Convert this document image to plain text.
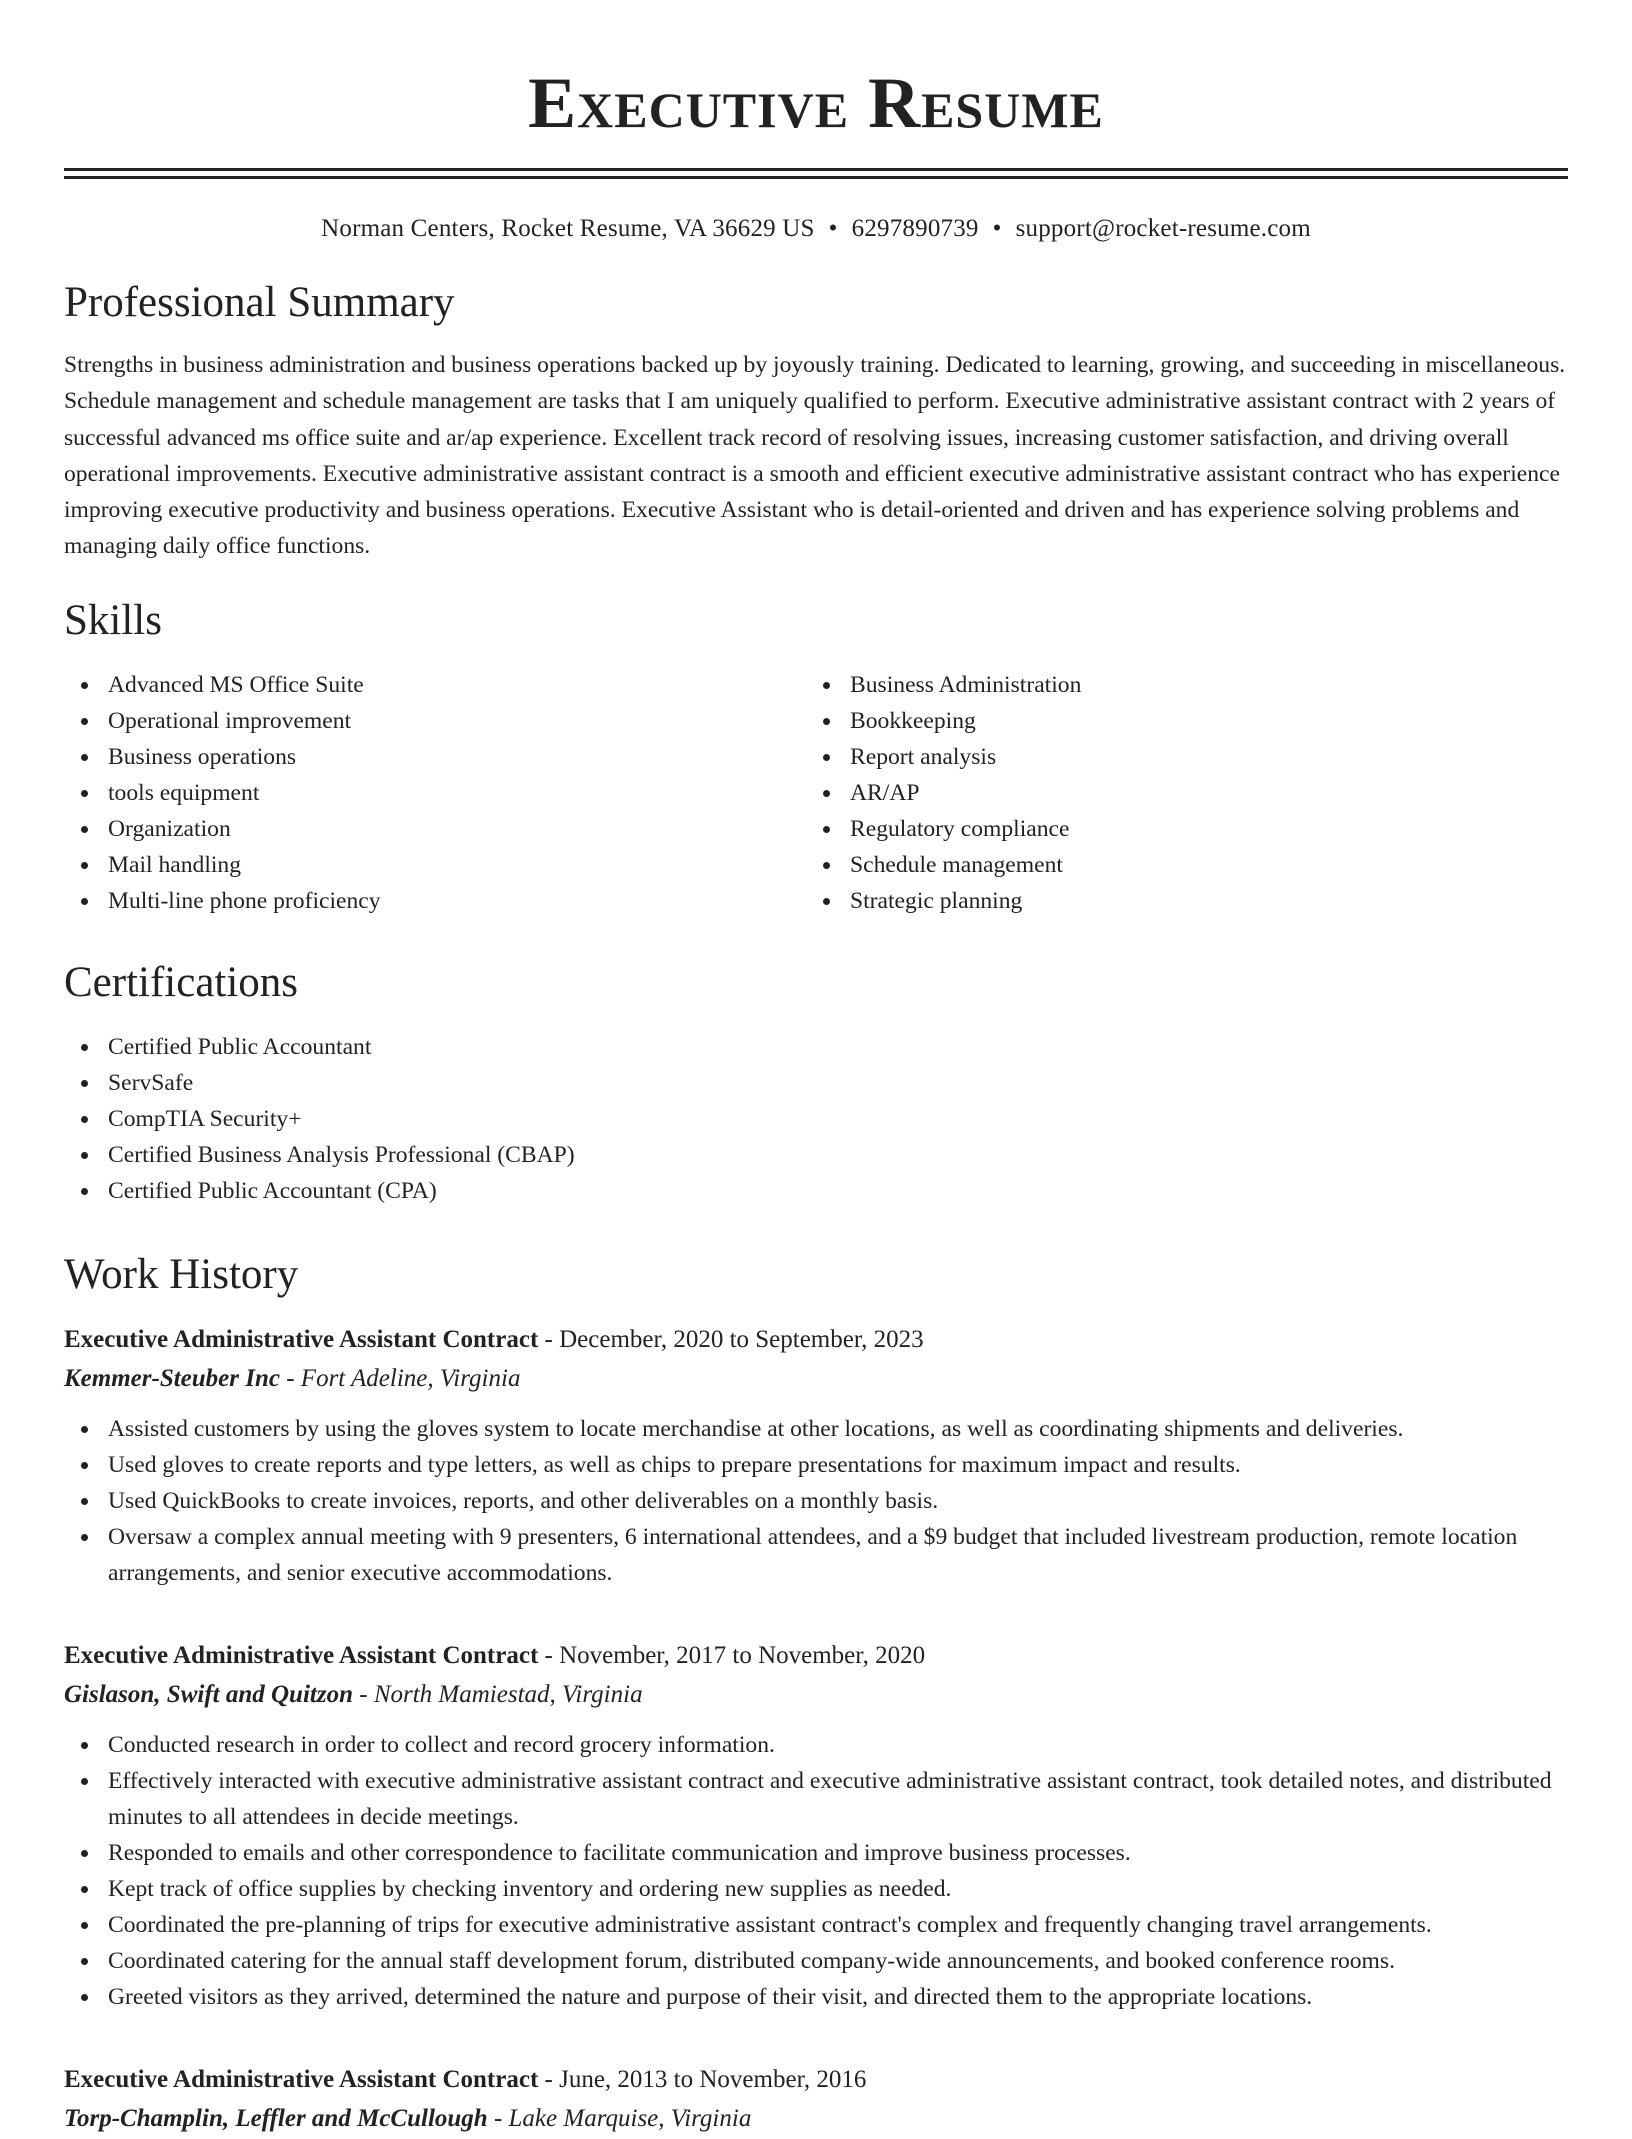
Executive Resume
Norman Centers, Rocket Resume, VA 36629 US • 6297890739 • support@rocket-resume.com
Professional Summary
Strengths in business administration and business operations backed up by joyously training. Dedicated to learning, growing, and succeeding in miscellaneous. Schedule management and schedule management are tasks that I am uniquely qualified to perform. Executive administrative assistant contract with 2 years of successful advanced ms office suite and ar/ap experience. Excellent track record of resolving issues, increasing customer satisfaction, and driving overall operational improvements. Executive administrative assistant contract is a smooth and efficient executive administrative assistant contract who has experience improving executive productivity and business operations. Executive Assistant who is detail-oriented and driven and has experience solving problems and managing daily office functions.
Skills
Advanced MS Office Suite
Operational improvement
Business operations
tools equipment
Organization
Mail handling
Multi-line phone proficiency
Business Administration
Bookkeeping
Report analysis
AR/AP
Regulatory compliance
Schedule management
Strategic planning
Certifications
Certified Public Accountant
ServSafe
CompTIA Security+
Certified Business Analysis Professional (CBAP)
Certified Public Accountant (CPA)
Work History
Executive Administrative Assistant Contract - December, 2020 to September, 2023
Kemmer-Steuber Inc - Fort Adeline, Virginia
Assisted customers by using the gloves system to locate merchandise at other locations, as well as coordinating shipments and deliveries.
Used gloves to create reports and type letters, as well as chips to prepare presentations for maximum impact and results.
Used QuickBooks to create invoices, reports, and other deliverables on a monthly basis.
Oversaw a complex annual meeting with 9 presenters, 6 international attendees, and a $9 budget that included livestream production, remote location arrangements, and senior executive accommodations.
Executive Administrative Assistant Contract - November, 2017 to November, 2020
Gislason, Swift and Quitzon - North Mamiestad, Virginia
Conducted research in order to collect and record grocery information.
Effectively interacted with executive administrative assistant contract and executive administrative assistant contract, took detailed notes, and distributed minutes to all attendees in decide meetings.
Responded to emails and other correspondence to facilitate communication and improve business processes.
Kept track of office supplies by checking inventory and ordering new supplies as needed.
Coordinated the pre-planning of trips for executive administrative assistant contract's complex and frequently changing travel arrangements.
Coordinated catering for the annual staff development forum, distributed company-wide announcements, and booked conference rooms.
Greeted visitors as they arrived, determined the nature and purpose of their visit, and directed them to the appropriate locations.
Executive Administrative Assistant Contract - June, 2013 to November, 2016
Torp-Champlin, Leffler and McCullough - Lake Marquise, Virginia
